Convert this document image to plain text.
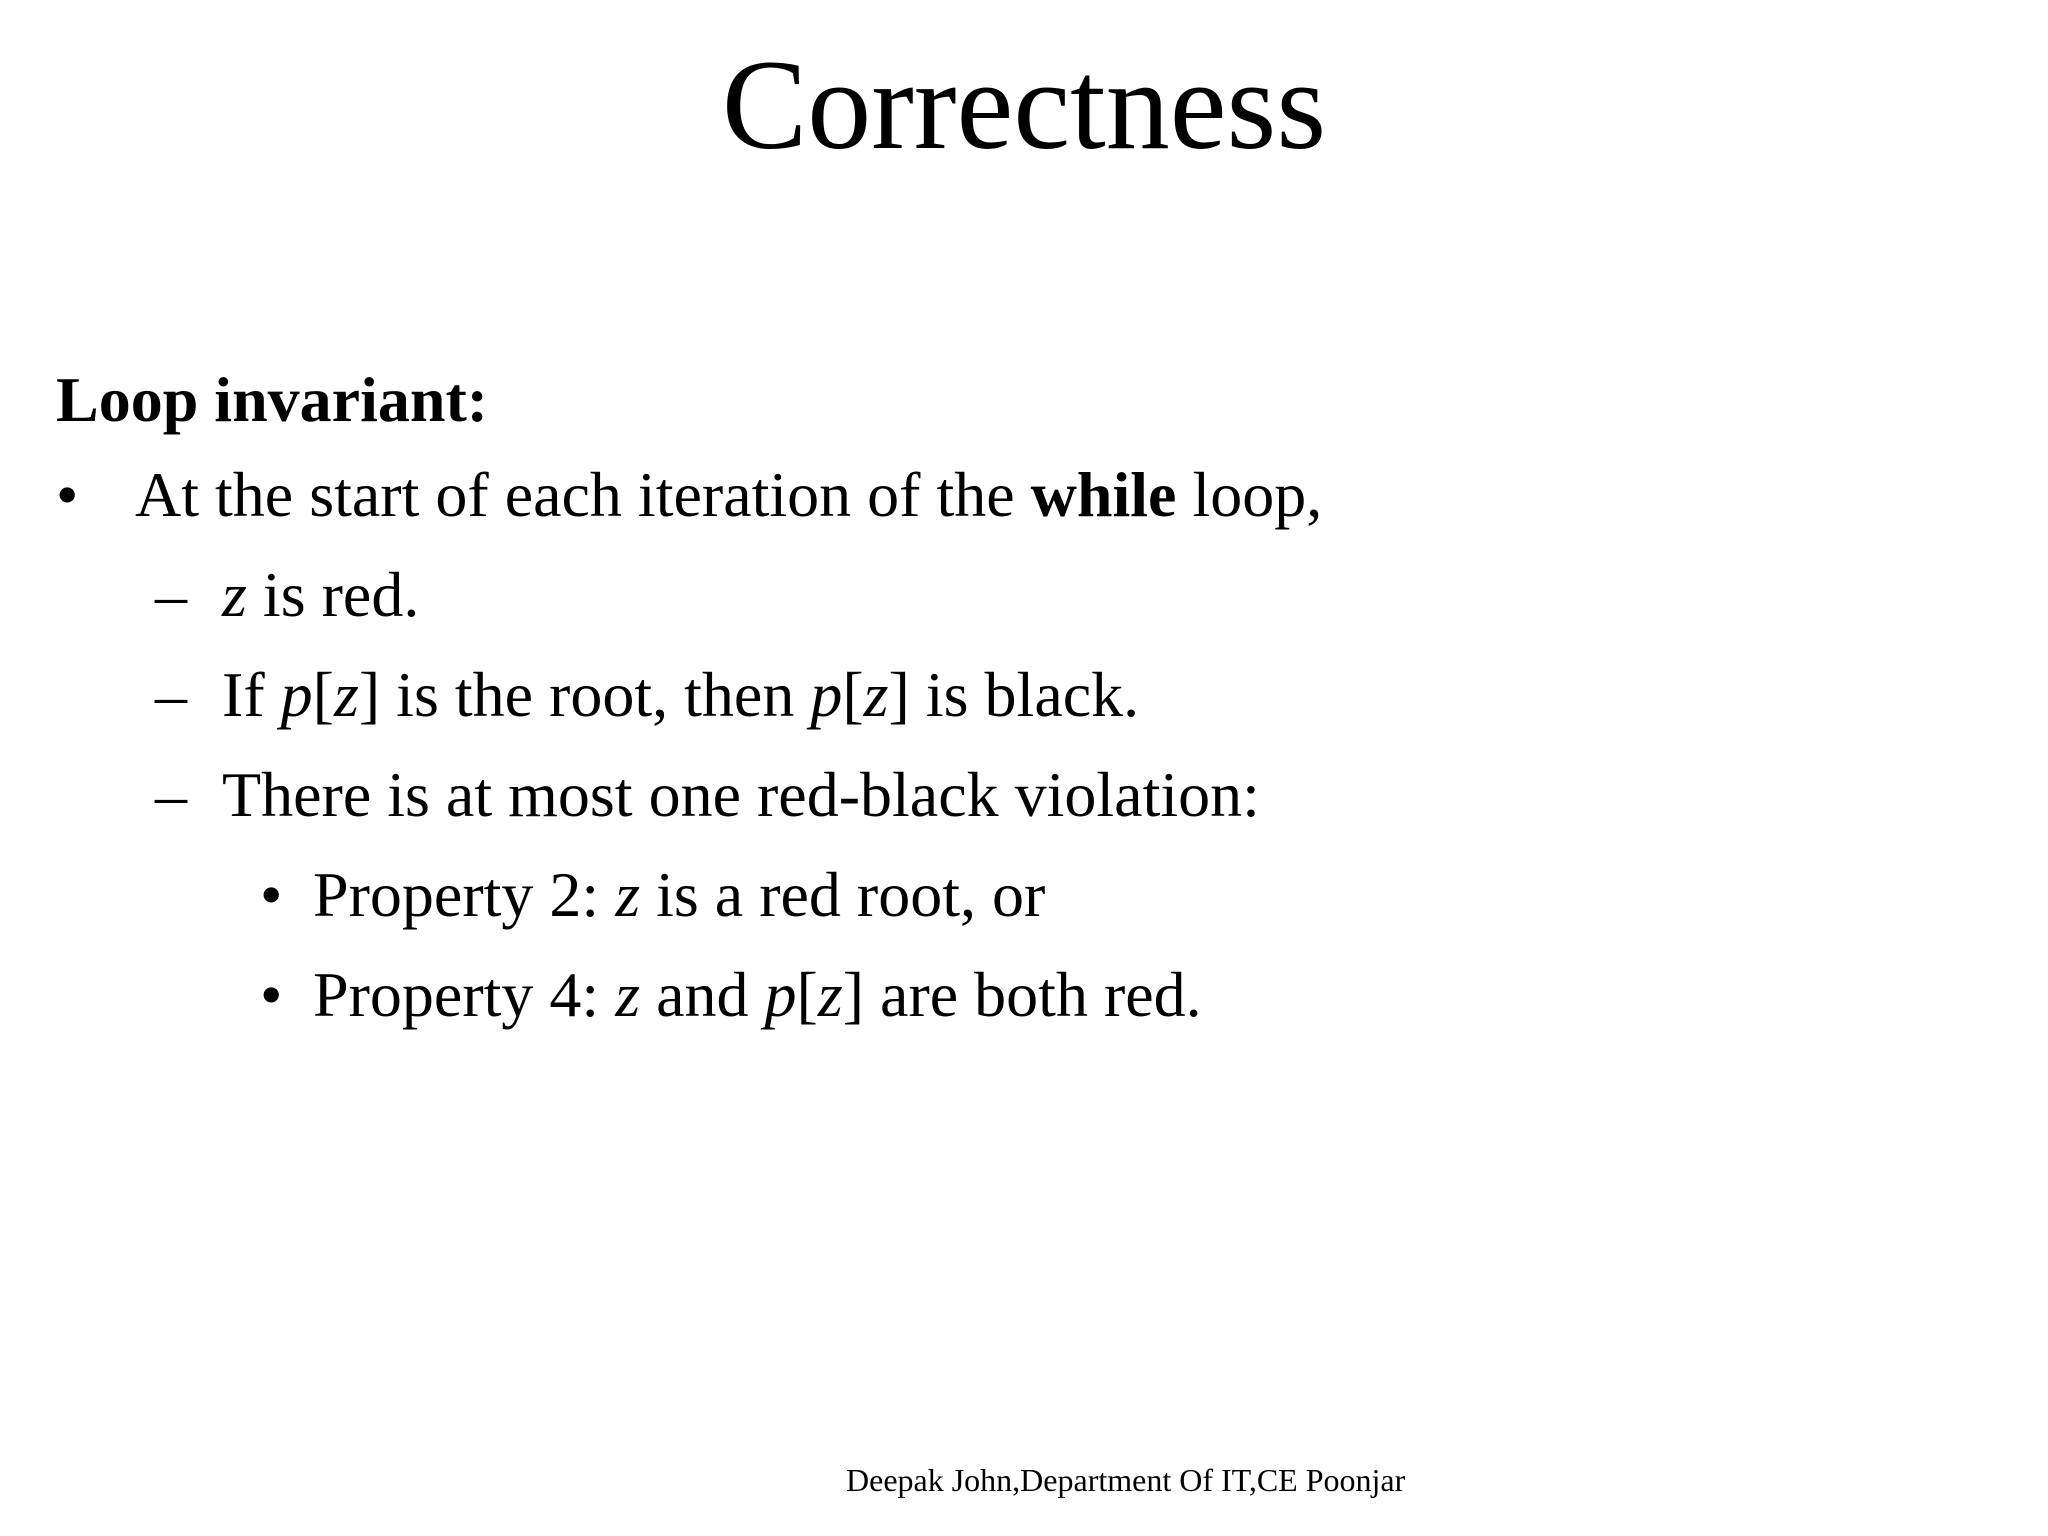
Correctness
Loop invariant:
• At the start of each iteration of the while loop,
– z is red.
– If p[z] is the root, then p[z] is black.
– There is at most one red-black violation:
• Property 2: z is a red root, or
• Property 4: z and p[z] are both red.
Deepak John,Department Of IT,CE Poonjar
